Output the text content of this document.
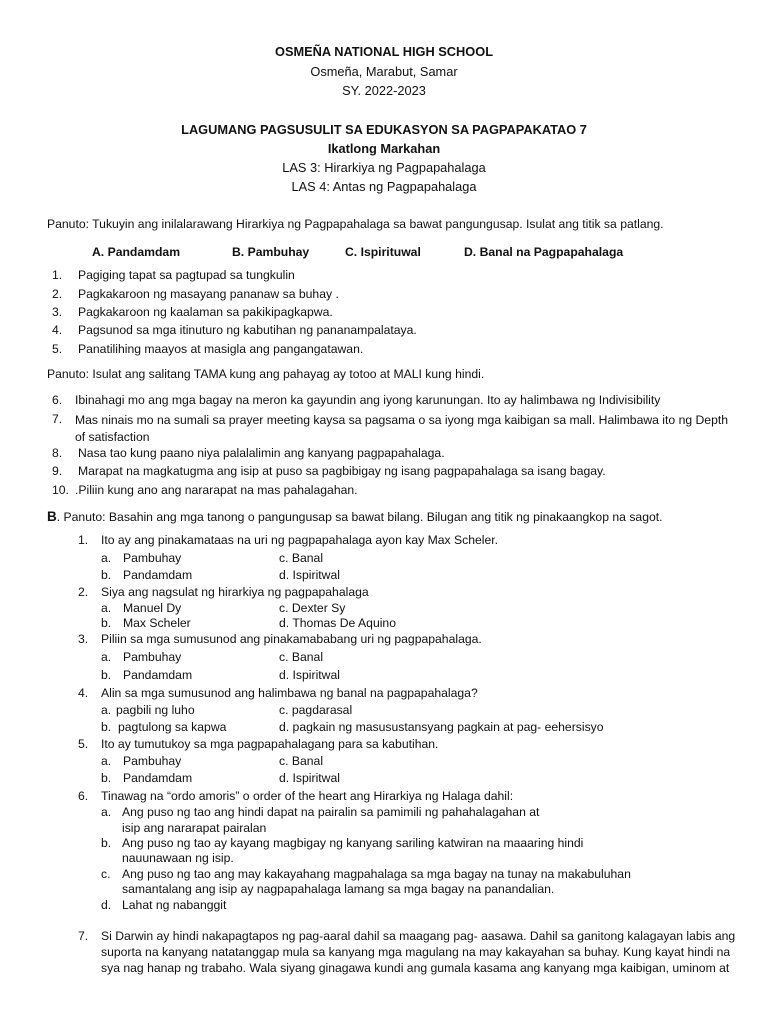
OSMEÑA NATIONAL HIGH SCHOOL
Osmeña, Marabut, Samar
SY. 2022-2023
LAGUMANG PAGSUSULIT SA EDUKASYON SA PAGPAPAKATAO 7
Ikatlong Markahan
LAS 3: Hirarkiya ng Pagpapahalaga
LAS 4: Antas ng Pagpapahalaga
Panuto: Tukuyin ang inilalarawang Hirarkiya ng Pagpapahalaga sa bawat pangungusap. Isulat ang titik sa patlang.
A. Pandamdam	B. Pambuhay	C. Ispirituwal	D. Banal na Pagpapahalaga
1. Pagiging tapat sa pagtupad sa tungkulin
2. Pagkakaroon ng masayang pananaw sa buhay .
3. Pagkakaroon ng kaalaman sa pakikipagkapwa.
4. Pagsunod sa mga itinuturo ng kabutihan ng pananampalataya.
5. Panatilihing maayos at masigla ang pangangatawan.
Panuto: Isulat ang salitang TAMA kung ang pahayag ay totoo at MALI kung hindi.
6. Ibinahagi mo ang mga bagay na meron ka gayundin ang iyong karunungan. Ito ay halimbawa ng Indivisibility
7. Mas ninais mo na sumali sa prayer meeting kaysa sa pagsama o sa iyong mga kaibigan sa mall. Halimbawa ito ng Depth of satisfaction
8. Nasa tao kung paano niya palalalimin ang kanyang pagpapahalaga.
9. Marapat na magkatugma ang isip at puso sa pagbibigay ng isang pagpapahalaga sa isang bagay.
10. .Piliin kung ano ang nararapat na mas pahalagahan.
B. Panuto: Basahin ang mga tanong o pangungusap sa bawat bilang. Bilugan ang titik ng pinakaangkop na sagot.
1. Ito ay ang pinakamataas na uri ng pagpapahalaga ayon kay Max Scheler.
a. Pambuhay	c. Banal
b. Pandamdam	d. Ispiritwal
2. Siya ang nagsulat ng hirarkiya ng pagpapahalaga
a. Manuel Dy	c. Dexter Sy
b. Max Scheler	d. Thomas De Aquino
3. Piliin sa mga sumusunod ang pinakamababang uri ng pagpapahalaga.
a. Pambuhay	c. Banal
b. Pandamdam	d. Ispiritwal
4. Alin sa mga sumusunod ang halimbawa ng banal na pagpapahalaga?
a. pagbili ng luho	c. pagdarasal
b. pagtulong sa kapwa	d. pagkain ng masusustansyang pagkain at pag- eehersisyo
5. Ito ay tumutukoy sa mga pagpapahalagang para sa kabutihan.
a. Pambuhay	c. Banal
b. Pandamdam	d. Ispiritwal
6. Tinawag na “ordo amoris” o order of the heart ang Hirarkiya ng Halaga dahil:
a. Ang puso ng tao ang hindi dapat na pairalin sa pamimili ng pahahalagahan at
isip ang nararapat pairalan
b. Ang puso ng tao ay kayang magbigay ng kanyang sariling katwiran na maaaring hindi
nauunawaan ng isip.
c. Ang puso ng tao ang may kakayahang magpahalaga sa mga bagay na tunay na makabuluhan
samantalang ang isip ay nagpapahalaga lamang sa mga bagay na panandalian.
d. Lahat ng nabanggit
7. Si Darwin ay hindi nakapagtapos ng pag-aaral dahil sa maagang pag- aasawa. Dahil sa ganitong kalagayan labis ang
suporta na kanyang natatanggap mula sa kanyang mga magulang na may kakayahan sa buhay. Kung kayat hindi na
sya nag hanap ng trabaho. Wala siyang ginagawa kundi ang gumala kasama ang kanyang mga kaibigan, uminom at
